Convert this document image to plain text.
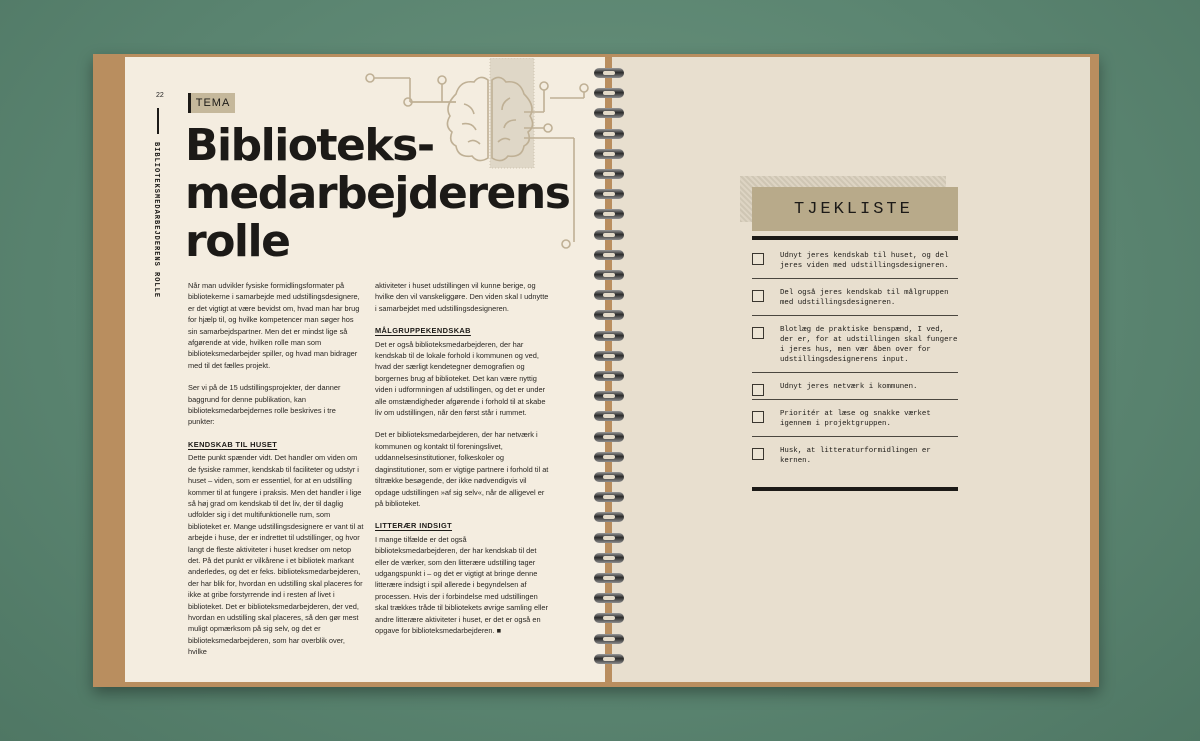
22
BIBLIOTEKSMEDARBEJDERENS ROLLE
TEMA
Biblioteks-
medarbejderens
rolle

Når man udvikler fysiske formidlingsformater på bibliotekerne i samarbejde med udstillingsdesignere, er det vigtigt at være bevidst om, hvad man har brug for hjælp til, og hvilke kompetencer man søger hos sin samarbejdspartner. Men det er mindst lige så afgørende at vide, hvilken rolle man som biblioteksmedarbejder spiller, og hvad man bidrager med til det fælles projekt.

Ser vi på de 15 udstillingsprojekter, der danner baggrund for denne publikation, kan biblioteksmedarbejdernes rolle beskrives i tre punkter:

KENDSKAB TIL HUSET

Dette punkt spænder vidt. Det handler om viden om de fysiske rammer, kendskab til faciliteter og udstyr i huset – viden, som er essentiel, for at en udstilling kommer til at fungere i praksis. Men det handler i lige så høj grad om kendskab til det liv, der til daglig udfolder sig i det multifunktionelle rum, som biblioteket er. Mange udstillingsdesignere er vant til at arbejde i huse, der er indrettet til udstillinger, og hvor langt de fleste aktiviteter i huset kredser om netop det. På det punkt er vilkårene i et bibliotek markant anderledes, og det er feks. biblioteksmedarbejderen, der har blik for, hvordan en udstilling skal placeres for ikke at gribe forstyrrende ind i resten af livet i biblioteket. Det er biblioteksmedarbejderen, der ved, hvordan en udstilling skal placeres, så den gør mest muligt opmærksom på sig selv, og det er biblioteksmedarbejderen, som har overblik over, hvilke

aktiviteter i huset udstillingen vil kunne berige, og hvilke den vil vanskeliggøre. Den viden skal I udnytte i samarbejdet med udstillingsdesigneren.

MÅLGRUPPEKENDSKAB

Det er også biblioteksmedarbejderen, der har kendskab til de lokale forhold i kommunen og ved, hvad der særligt kendetegner demografien og borgernes brug af biblioteket. Det kan være nyttig viden i udformningen af udstillingen, og det er under alle omstændigheder afgørende i forhold til at skabe liv om udstillingen, når den først står i rummet.

Det er biblioteksmedarbejderen, der har netværk i kommunen og kontakt til foreningslivet, uddannelsesinstitutioner, folkeskoler og daginstitutioner, som er vigtige partnere i forhold til at tiltrække besøgende, der ikke nødvendigvis vil opdage udstillingen »af sig selv«, når de alligevel er på biblioteket.

LITTERÆR INDSIGT

I mange tilfælde er det også biblioteksmedarbejderen, der har kendskab til det eller de værker, som den litterære udstilling tager udgangspunkt i – og det er vigtigt at bringe denne litterære indsigt i spil allerede i begyndelsen af processen. Hvis der i forbindelse med udstillingen skal trækkes tråde til bibliotekets øvrige samling eller andre litterære aktiviteter i huset, er det er også en opgave for biblioteksmedarbejderen. ■

TJEKLISTE
Udnyt jeres kendskab til huset, og del jeres viden med udstillingsdesigneren.
Del også jeres kendskab til målgruppen med udstillingsdesigneren.
Blotlæg de praktiske benspænd, I ved, der er, for at udstillingen skal fungere i jeres hus, men vær åben over for udstillingsdesignerens input.
Udnyt jeres netværk i kommunen.
Prioritér at læse og snakke værket igennem i projektgruppen.
Husk, at litteraturformidlingen er kernen.
